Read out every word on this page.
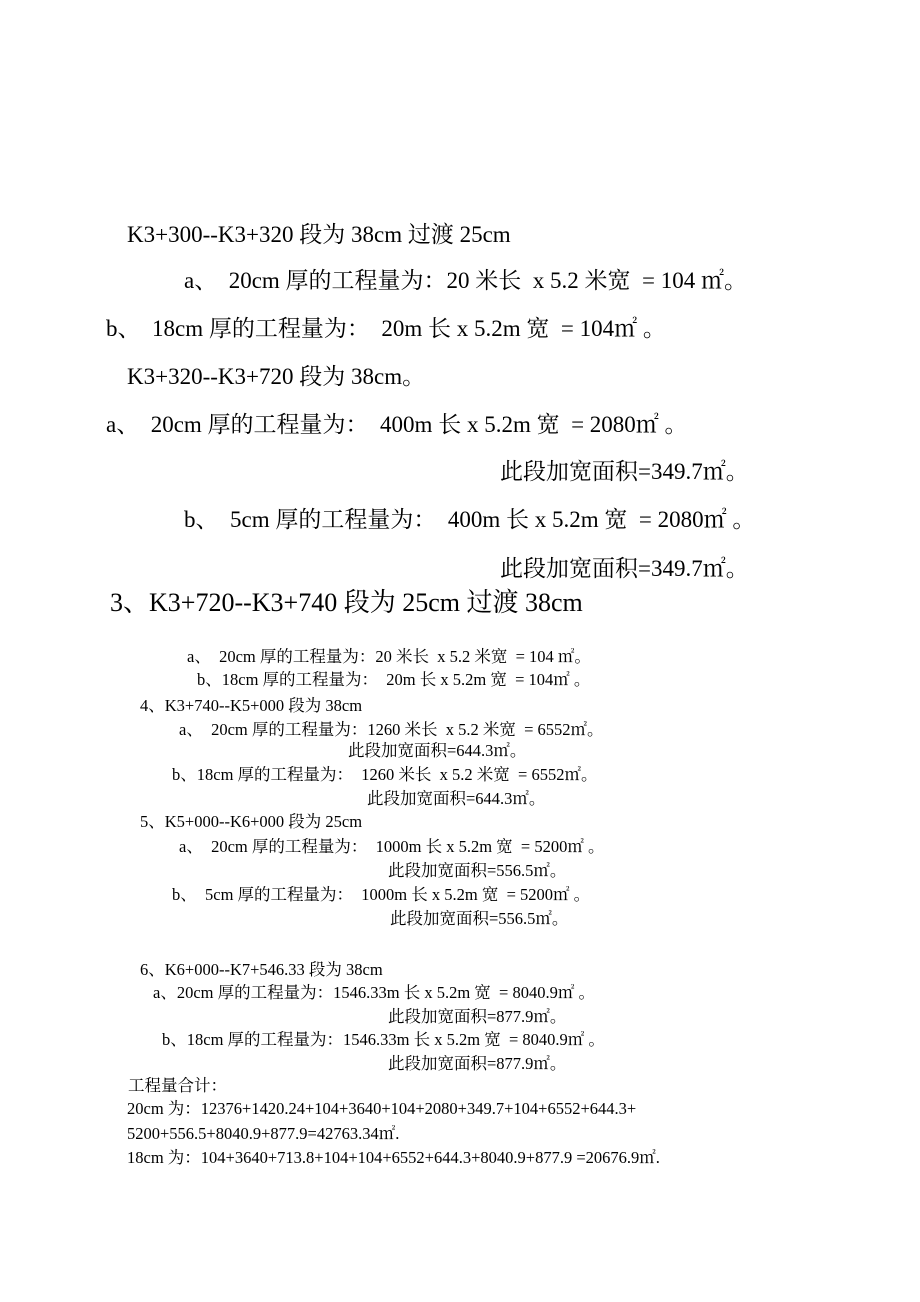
K3+300--K3+320 段为 38cm 过渡 25cm

a、  20cm 厚的工程量为：20 米长  x 5.2 米宽  = 104 ㎡。

b、  18cm 厚的工程量为：  20m 长 x 5.2m 宽  = 104㎡ 。

K3+320--K3+720 段为 38cm。

a、  20cm 厚的工程量为：  400m 长 x 5.2m 宽  = 2080㎡ 。

此段加宽面积=349.7㎡。

b、  5cm 厚的工程量为：  400m 长 x 5.2m 宽  = 2080㎡ 。

此段加宽面积=349.7㎡。

3、K3+720--K3+740 段为 25cm 过渡 38cm

a、  20cm 厚的工程量为：20 米长  x 5.2 米宽  = 104 ㎡。

b、18cm 厚的工程量为：  20m 长 x 5.2m 宽  = 104㎡ 。

4、K3+740--K5+000 段为 38cm

a、  20cm 厚的工程量为：1260 米长  x 5.2 米宽  = 6552㎡。

此段加宽面积=644.3㎡。

b、18cm 厚的工程量为：  1260 米长  x 5.2 米宽  = 6552㎡。

此段加宽面积=644.3㎡。

5、K5+000--K6+000 段为 25cm

a、  20cm 厚的工程量为：  1000m 长 x 5.2m 宽  = 5200㎡ 。

此段加宽面积=556.5㎡。

b、  5cm 厚的工程量为：  1000m 长 x 5.2m 宽  = 5200㎡ 。

此段加宽面积=556.5㎡。

6、K6+000--K7+546.33 段为 38cm

a、20cm 厚的工程量为：1546.33m 长 x 5.2m 宽  = 8040.9㎡ 。

此段加宽面积=877.9㎡。

b、18cm 厚的工程量为：1546.33m 长 x 5.2m 宽  = 8040.9㎡ 。

此段加宽面积=877.9㎡。

工程量合计：

20cm 为：12376+1420.24+104+3640+104+2080+349.7+104+6552+644.3+

5200+556.5+8040.9+877.9=42763.34㎡.

18cm 为：104+3640+713.8+104+104+6552+644.3+8040.9+877.9 =20676.9㎡.
